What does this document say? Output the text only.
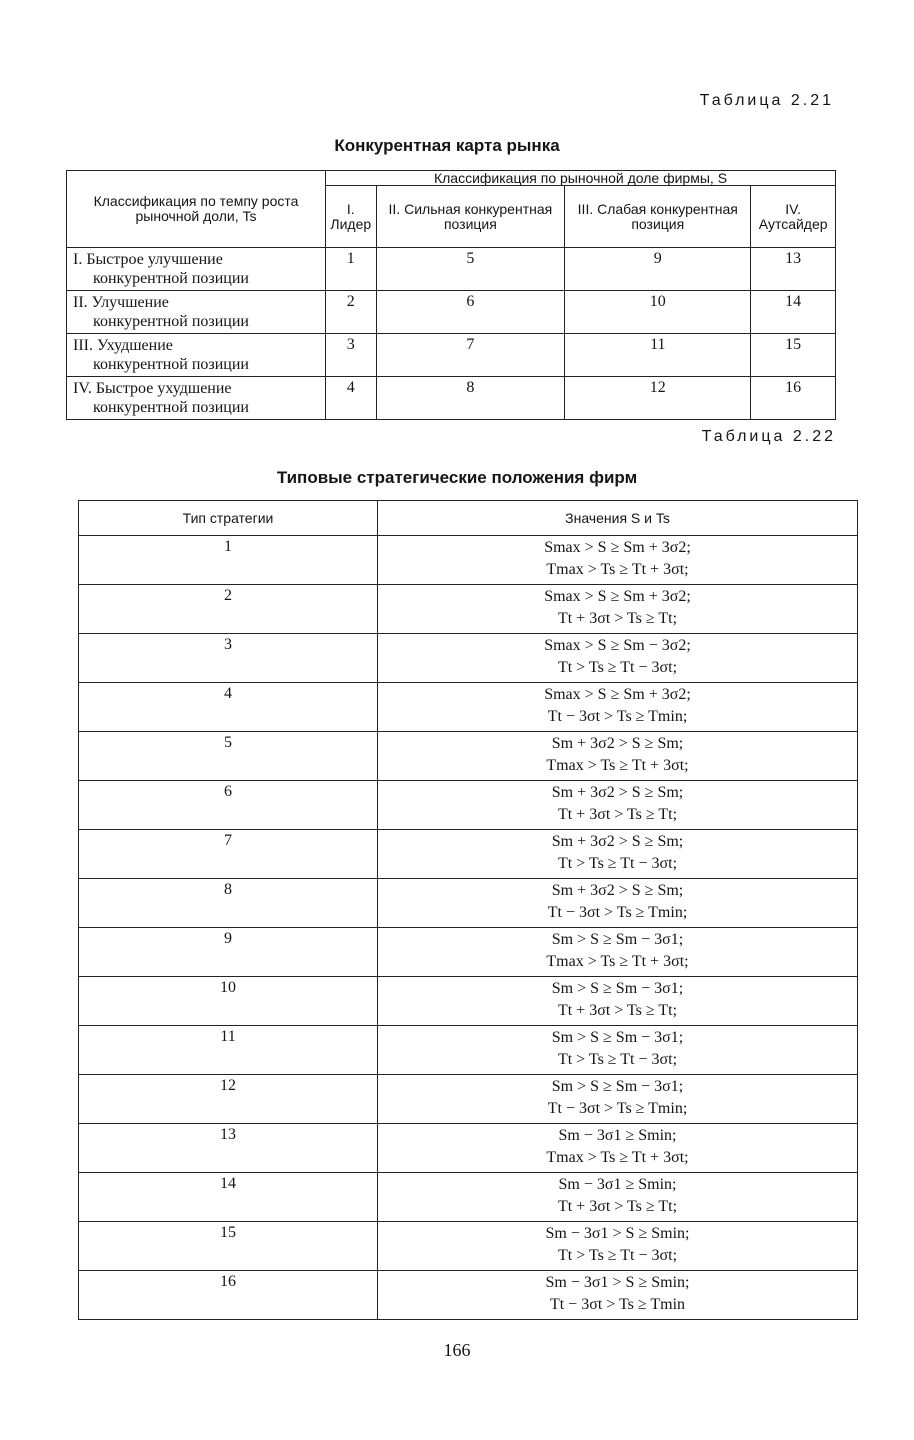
Таблица 2.21
Конкурентная карта рынка
Классификация по темпу роста рыночной доли, Ts	Классификация по рыночной доле фирмы, S			
	I. Лидер	II. Сильная конкурентная позиция	III. Слабая конкурентная позиция	IV. Аутсайдер

I. Быстрое улучшение
конкурентной позиции	1	5	9	13

II. Улучшение
конкурентной позиции	2	6	10	14

III. Ухудшение
конкурентной позиции	3	7	11	15

IV. Быстрое ухудшение
конкурентной позиции	4	8	12	16
Таблица 2.22
Типовые стратегические положения фирм
Тип стратегии	Значения S и Ts
1	Smax > S ≥ Sm + 3σ2;
Tmax > Ts ≥ Tt + 3σt;

2	Smax > S ≥ Sm + 3σ2;
Tt + 3σt > Ts ≥ Tt;

3	Smax > S ≥ Sm − 3σ2;
Tt > Ts ≥ Tt − 3σt;

4	Smax > S ≥ Sm + 3σ2;
Tt − 3σt > Ts ≥ Tmin;

5	Sm + 3σ2 > S ≥ Sm;
Tmax > Ts ≥ Tt + 3σt;

6	Sm + 3σ2 > S ≥ Sm;
Tt + 3σt > Ts ≥ Tt;

7	Sm + 3σ2 > S ≥ Sm;
Tt > Ts ≥ Tt − 3σt;

8	Sm + 3σ2 > S ≥ Sm;
Tt − 3σt > Ts ≥ Tmin;

9	Sm > S ≥ Sm − 3σ1;
Tmax > Ts ≥ Tt + 3σt;

10	Sm > S ≥ Sm − 3σ1;
Tt + 3σt > Ts ≥ Tt;

11	Sm > S ≥ Sm − 3σ1;
Tt > Ts ≥ Tt − 3σt;

12	Sm > S ≥ Sm − 3σ1;
Tt − 3σt > Ts ≥ Tmin;

13	Sm − 3σ1 ≥ Smin;
Tmax > Ts ≥ Tt + 3σt;

14	Sm − 3σ1 ≥ Smin;
Tt + 3σt > Ts ≥ Tt;

15	Sm − 3σ1 > S ≥ Smin;
Tt > Ts ≥ Tt − 3σt;

16	Sm − 3σ1 > S ≥ Smin;
Tt − 3σt > Ts ≥ Tmin
166
